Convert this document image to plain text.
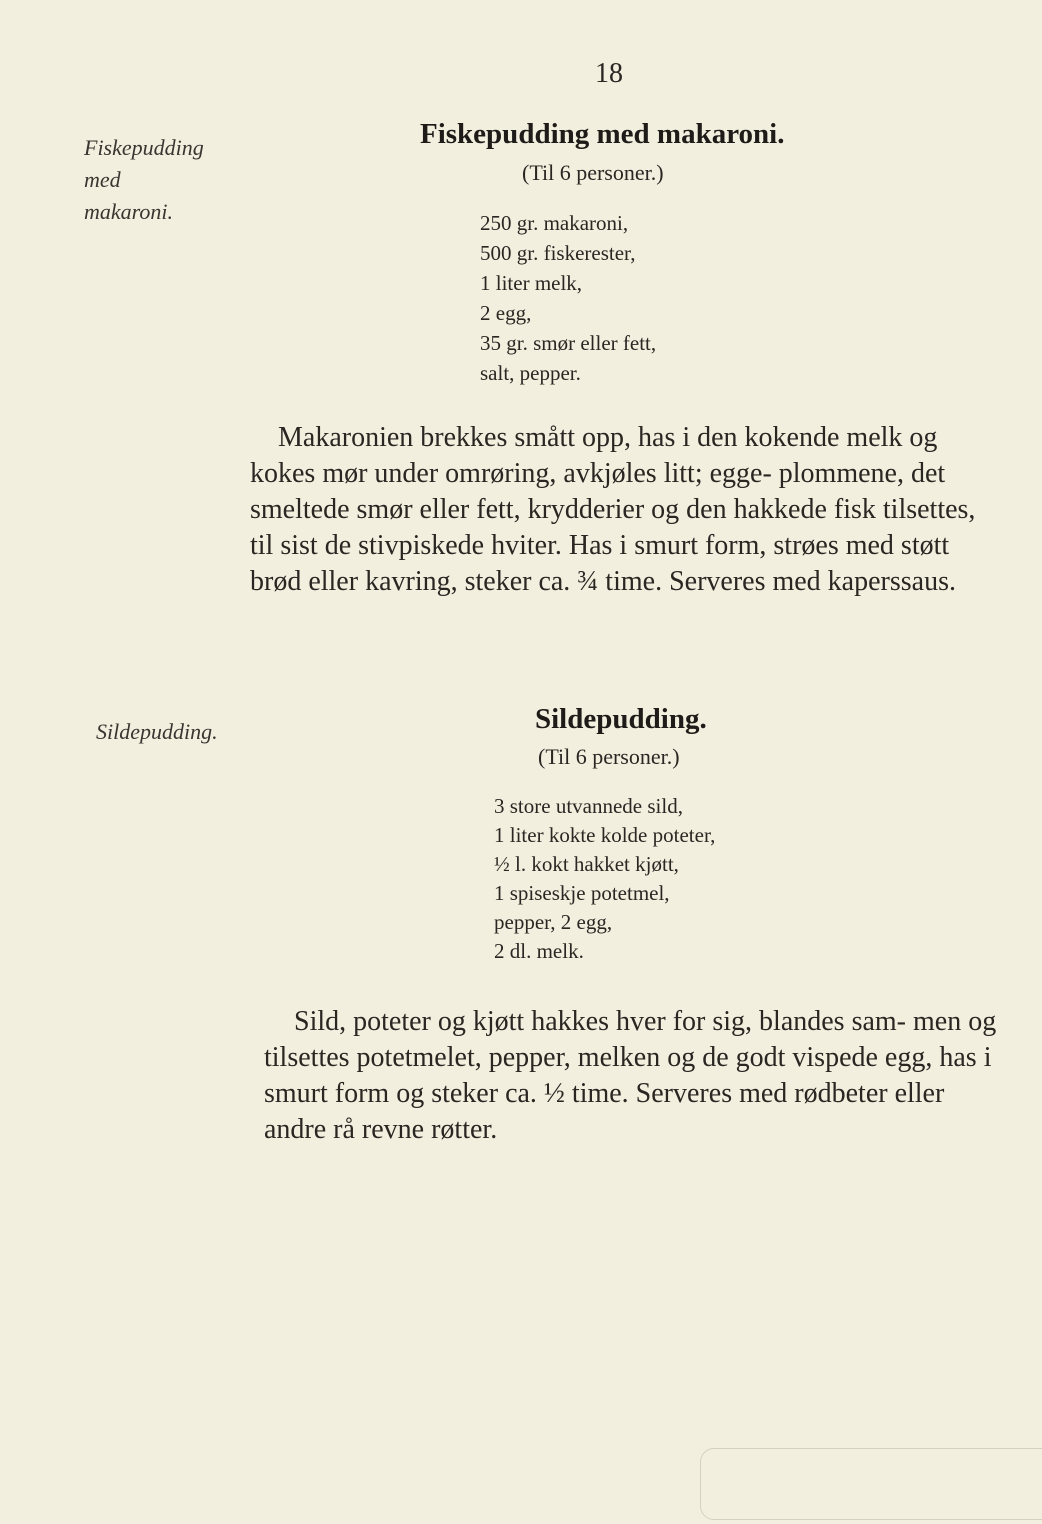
18
Fiskepudding
med
makaroni.
Fiskepudding med makaroni.
(Til 6 personer.)
250 gr. makaroni,
500 gr. fiskerester,
1 liter melk,
2 egg,
35 gr. smør eller fett,
salt, pepper.

Makaronien brekkes smått opp, has i den kokende melk og kokes mør under omrøring, avkjøles litt; egge- plommene, det smeltede smør eller fett, krydderier og den hakkede fisk tilsettes, til sist de stivpiskede hviter. Has i smurt form, strøes med støtt brød eller kavring, steker ca. ¾ time. Serveres med kaperssaus.

Sildepudding.	Sildepudding.
(Til 6 personer.)
3 store utvannede sild,
1 liter kokte kolde poteter,
½ l. kokt hakket kjøtt,
1 spiseskje potetmel,
pepper, 2 egg,
2 dl. melk.

Sild, poteter og kjøtt hakkes hver for sig, blandes sam- men og tilsettes potetmelet, pepper, melken og de godt vispede egg, has i smurt form og steker ca. ½ time. Serveres med rødbeter eller andre rå revne røtter.
